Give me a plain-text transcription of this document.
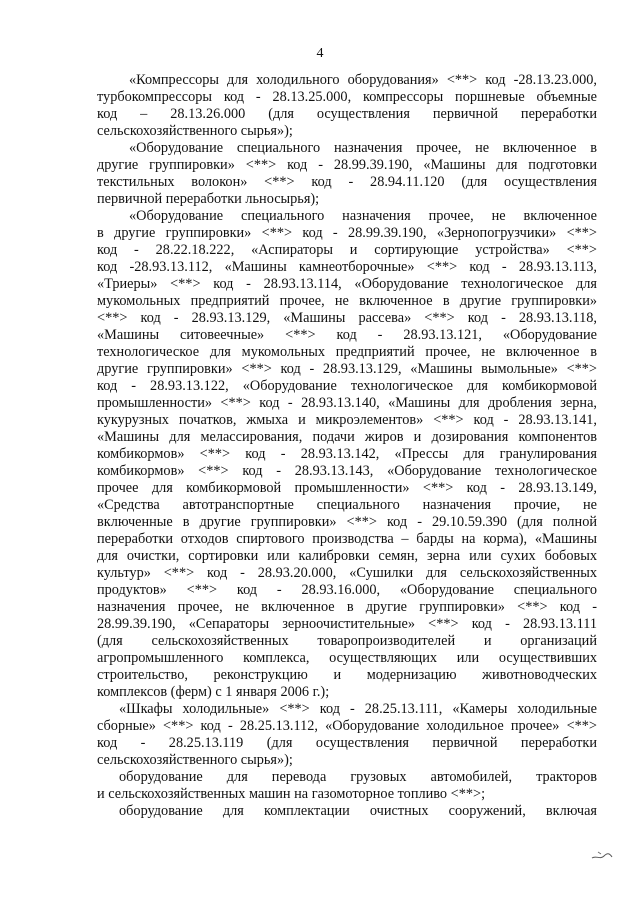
4
«Компрессоры для холодильного оборудования» <**> код -28.13.23.000,
турбокомпрессоры код - 28.13.25.000, компрессоры поршневые объемные
код – 28.13.26.000 (для осуществления первичной переработки
сельскохозяйственного сырья»);
«Оборудование специального назначения прочее, не включенное в
другие группировки» <**> код - 28.99.39.190, «Машины для подготовки
текстильных волокон» <**> код - 28.94.11.120 (для осуществления
первичной переработки льносырья);
«Оборудование специального назначения прочее, не включенное
в другие группировки» <**> код - 28.99.39.190, «Зернопогрузчики» <**>
код - 28.22.18.222, «Аспираторы и сортирующие устройства» <**>
код -28.93.13.112, «Машины камнеотборочные» <**> код - 28.93.13.113,
«Триеры» <**> код - 28.93.13.114, «Оборудование технологическое для
мукомольных предприятий прочее, не включенное в другие группировки»
<**> код - 28.93.13.129, «Машины рассева» <**> код - 28.93.13.118,
«Машины ситовеечные» <**> код - 28.93.13.121, «Оборудование
технологическое для мукомольных предприятий прочее, не включенное в
другие группировки» <**> код - 28.93.13.129, «Машины вымольные» <**>
код - 28.93.13.122, «Оборудование технологическое для комбикормовой
промышленности» <**> код - 28.93.13.140, «Машины для дробления зерна,
кукурузных початков, жмыха и микроэлементов» <**> код - 28.93.13.141,
«Машины для мелассирования, подачи жиров и дозирования компонентов
комбикормов» <**> код - 28.93.13.142, «Прессы для гранулирования
комбикормов» <**> код - 28.93.13.143, «Оборудование технологическое
прочее для комбикормовой промышленности» <**> код - 28.93.13.149,
«Средства автотранспортные специального назначения прочие, не
включенные в другие группировки» <**> код - 29.10.59.390 (для полной
переработки отходов спиртового производства – барды на корма), «Машины
для очистки, сортировки или калибровки семян, зерна или сухих бобовых
культур» <**> код - 28.93.20.000, «Сушилки для сельскохозяйственных
продуктов» <**> код - 28.93.16.000, «Оборудование специального
назначения прочее, не включенное в другие группировки» <**> код -
28.99.39.190, «Сепараторы зерноочистительные» <**> код - 28.93.13.111
(для сельскохозяйственных товаропроизводителей и организаций
агропромышленного комплекса, осуществляющих или осуществивших
строительство, реконструкцию и модернизацию животноводческих
комплексов (ферм) с 1 января 2006 г.);
«Шкафы холодильные» <**> код - 28.25.13.111, «Камеры холодильные
сборные» <**> код - 28.25.13.112, «Оборудование холодильное прочее» <**>
код - 28.25.13.119 (для осуществления первичной переработки
сельскохозяйственного сырья»);
оборудование для перевода грузовых автомобилей, тракторов
и сельскохозяйственных машин на газомоторное топливо <**>;
оборудование для комплектации очистных сооружений, включая
